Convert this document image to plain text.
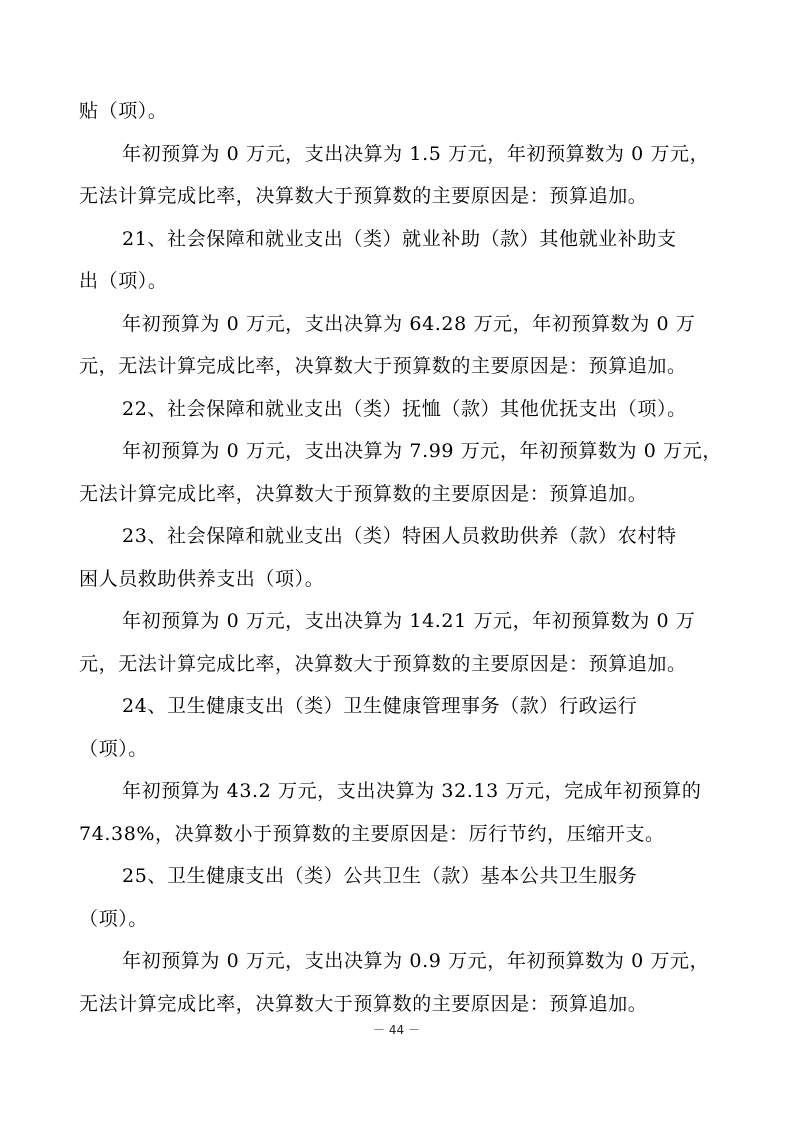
贴（项）。
年初预算为 0 万元，支出决算为 1.5 万元，年初预算数为 0 万元，
无法计算完成比率，决算数大于预算数的主要原因是：预算追加。
21、社会保障和就业支出（类）就业补助（款）其他就业补助支
出（项）。
年初预算为 0 万元，支出决算为 64.28 万元，年初预算数为 0 万
元，无法计算完成比率，决算数大于预算数的主要原因是：预算追加。
22、社会保障和就业支出（类）抚恤（款）其他优抚支出（项）。
年初预算为 0 万元，支出决算为 7.99 万元，年初预算数为 0 万元，
无法计算完成比率，决算数大于预算数的主要原因是：预算追加。
23、社会保障和就业支出（类）特困人员救助供养（款）农村特
困人员救助供养支出（项）。
年初预算为 0 万元，支出决算为 14.21 万元，年初预算数为 0 万
元，无法计算完成比率，决算数大于预算数的主要原因是：预算追加。
24、卫生健康支出（类）卫生健康管理事务（款）行政运行
（项）。
年初预算为 43.2 万元，支出决算为 32.13 万元，完成年初预算的
74.38%，决算数小于预算数的主要原因是：厉行节约，压缩开支。
25、卫生健康支出（类）公共卫生（款）基本公共卫生服务
（项）。
年初预算为 0 万元，支出决算为 0.9 万元，年初预算数为 0 万元，
无法计算完成比率，决算数大于预算数的主要原因是：预算追加。
－ 44 －
